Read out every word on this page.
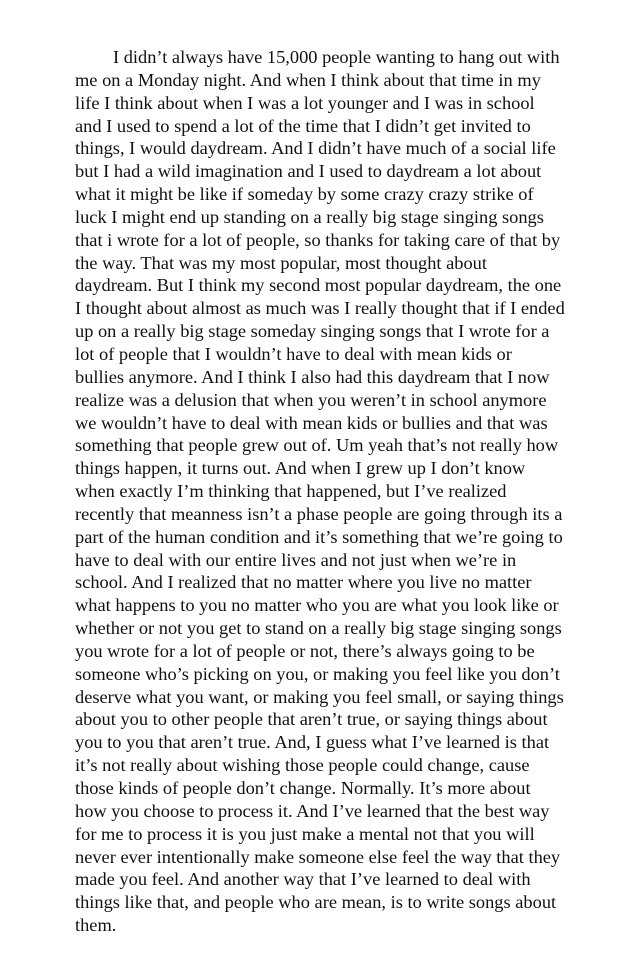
I didn’t always have 15,000 people wanting to hang out with me on a Monday night. And when I think about that time in my life I think about when I was a lot younger and I was in school and I used to spend a lot of the time that I didn’t get invited to things, I would daydream. And I didn’t have much of a social life but I had a wild imagination and I used to daydream a lot about what it might be like if someday by some crazy crazy strike of luck I might end up standing on a really big stage singing songs that i wrote for a lot of people, so thanks for taking care of that by the way. That was my most popular, most thought about daydream. But I think my second most popular daydream, the one I thought about almost as much was I really thought that if I ended up on a really big stage someday singing songs that I wrote for a lot of people that I wouldn’t have to deal with mean kids or bullies anymore. And I think I also had this daydream that I now realize was a delusion that when you weren’t in school anymore we wouldn’t have to deal with mean kids or bullies and that was something that people grew out of. Um yeah that’s not really how things happen, it turns out. And when I grew up I don’t know when exactly I’m thinking that happened, but I’ve realized recently that meanness isn’t a phase people are going through its a part of the human condition and it’s something that we’re going to have to deal with our entire lives and not just when we’re in school. And I realized that no matter where you live no matter what happens to you no matter who you are what you look like or whether or not you get to stand on a really big stage singing songs you wrote for a lot of people or not, there’s always going to be someone who’s picking on you, or making you feel like you don’t deserve what you want, or making you feel small, or saying things about you to other people that aren’t true, or saying things about you to you that aren’t true. And, I guess what I’ve learned is that it’s not really about wishing those people could change, cause those kinds of people don’t change. Normally. It’s more about how you choose to process it. And I’ve learned that the best way for me to process it is you just make a mental not that you will never ever intentionally make someone else feel the way that they made you feel. And another way that I’ve learned to deal with things like that, and people who are mean, is to write songs about them.
